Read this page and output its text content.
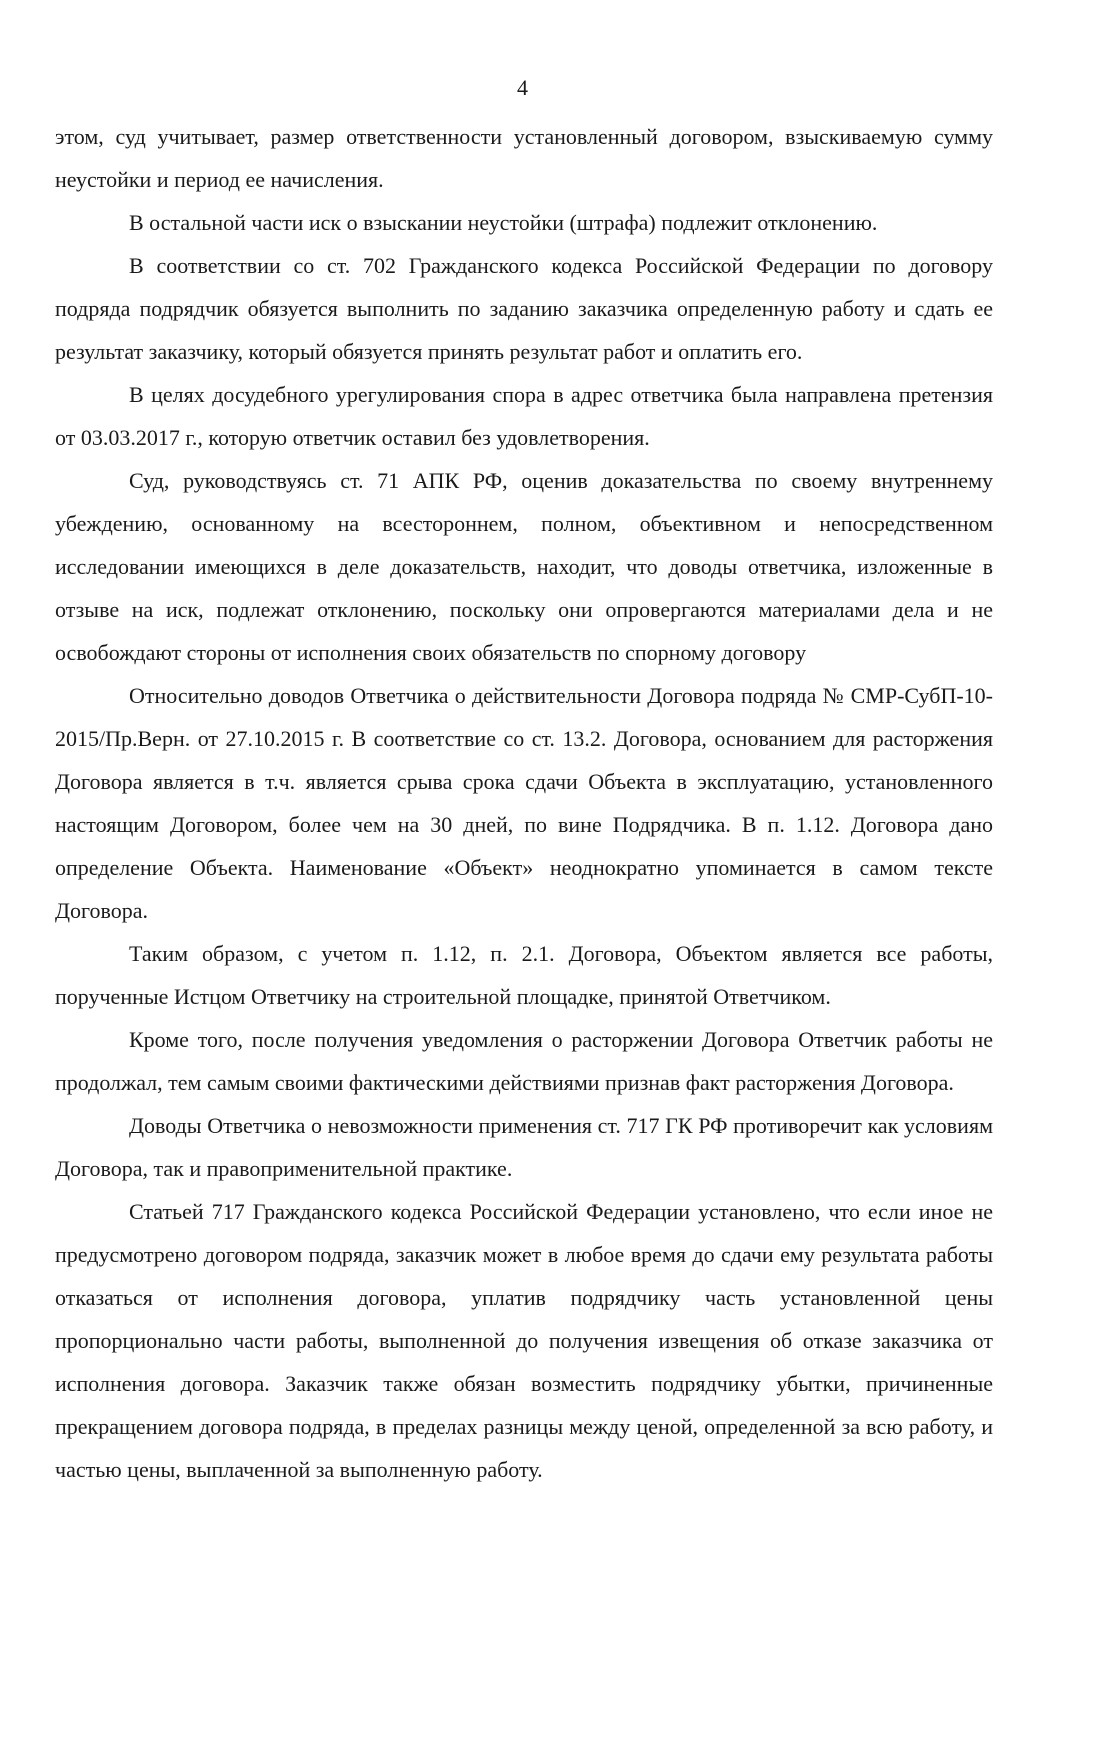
4

этом, суд учитывает, размер ответственности установленный договором, взыскиваемую сумму неустойки и период ее начисления.

В остальной части иск о взыскании неустойки (штрафа) подлежит отклонению.

В соответствии со ст. 702 Гражданского кодекса Российской Федерации по договору подряда подрядчик обязуется выполнить по заданию заказчика определенную работу и сдать ее результат заказчику, который обязуется принять результат работ и оплатить его.

В целях досудебного урегулирования спора в адрес ответчика была направлена претензия от 03.03.2017 г., которую ответчик оставил без удовлетворения.

Суд, руководствуясь ст. 71 АПК РФ, оценив доказательства по своему внутреннему убеждению, основанному на всестороннем, полном, объективном и непосредственном исследовании имеющихся в деле доказательств, находит, что доводы ответчика, изложенные в отзыве на иск, подлежат отклонению, поскольку они опровергаются материалами дела и не освобождают стороны от исполнения своих обязательств по спорному договору

Относительно доводов Ответчика о действительности Договора подряда № СМР-СубП-10-2015/Пр.Верн. от 27.10.2015 г. В соответствие со ст. 13.2. Договора, основанием для расторжения Договора является в т.ч. является срыва срока сдачи Объекта в эксплуатацию, установленного настоящим Договором, более чем на 30 дней, по вине Подрядчика. В п. 1.12. Договора дано определение Объекта. Наименование «Объект» неоднократно упоминается в самом тексте Договора.

Таким образом, с учетом п. 1.12, п. 2.1. Договора, Объектом является все работы, порученные Истцом Ответчику на строительной площадке, принятой Ответчиком.

Кроме того, после получения уведомления о расторжении Договора Ответчик работы не продолжал, тем самым своими фактическими действиями признав факт расторжения Договора.

Доводы Ответчика о невозможности применения ст. 717 ГК РФ противоречит как условиям Договора, так и правоприменительной практике.

Статьей 717 Гражданского кодекса Российской Федерации установлено, что если иное не предусмотрено договором подряда, заказчик может в любое время до сдачи ему результата работы отказаться от исполнения договора, уплатив подрядчику часть установленной цены пропорционально части работы, выполненной до получения извещения об отказе заказчика от исполнения договора. Заказчик также обязан возместить подрядчику убытки, причиненные прекращением договора подряда, в пределах разницы между ценой, определенной за всю работу, и частью цены, выплаченной за выполненную работу.
